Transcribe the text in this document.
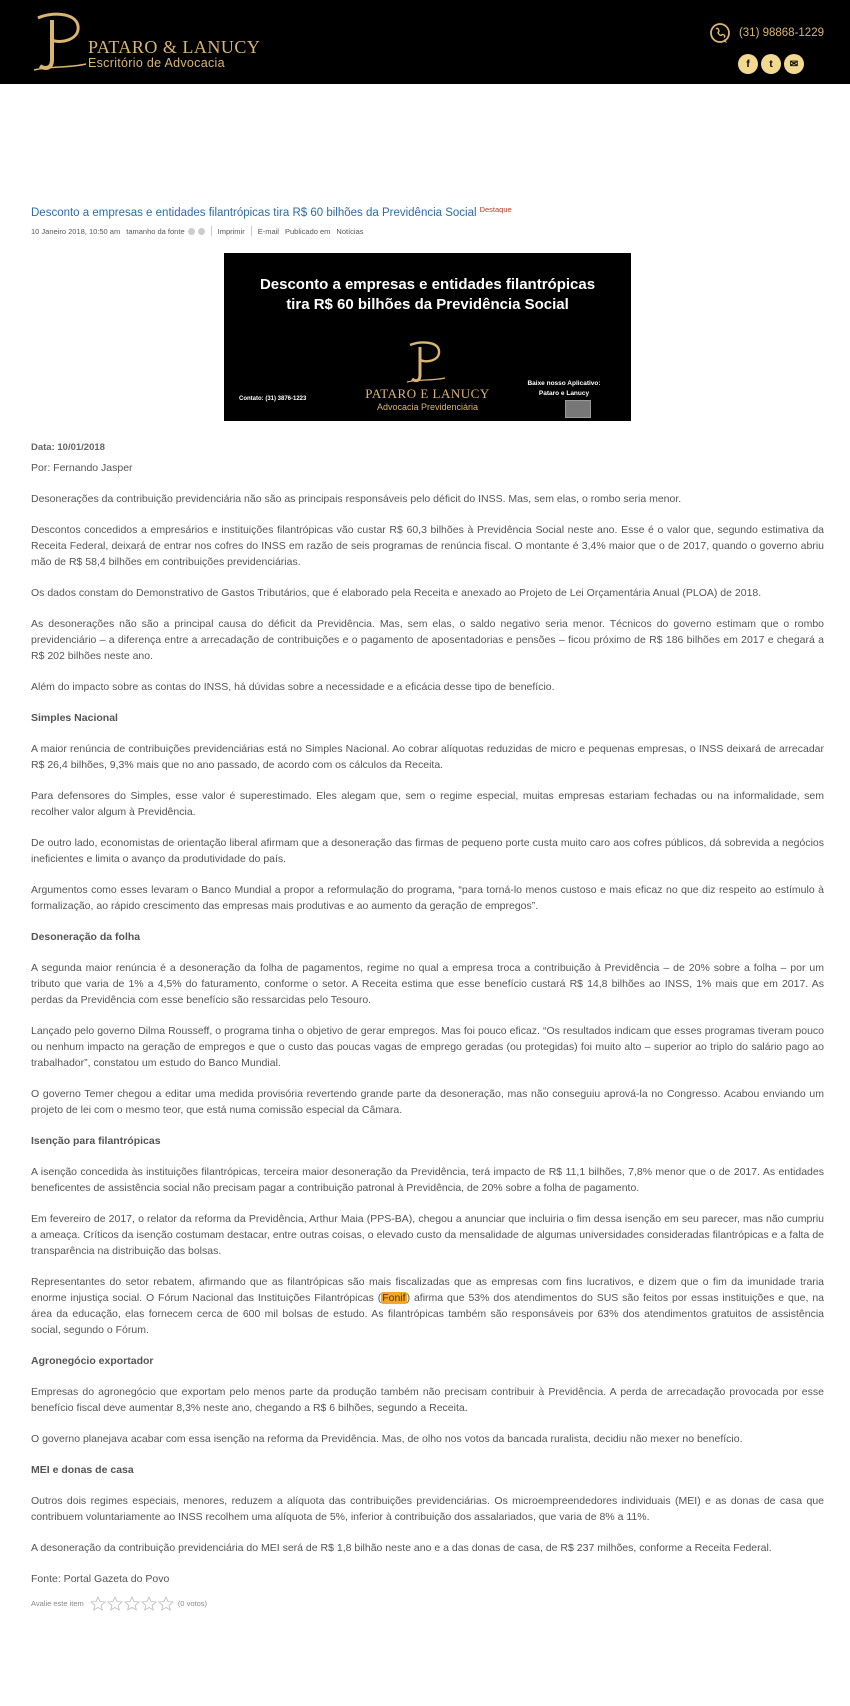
PATARO & LANUCY
Escritório de Advocacia
(31) 98868-1229
f	t	✉
Desconto a empresas e entidades filantrópicas tira R$ 60 bilhões da Previdência Social Destaque
10 Janeiro 2018, 10:50 am tamanho da fonte	Imprimir E-mail Publicado em Notícias
Desconto a empresas e entidades filantrópicas
tira R$ 60 bilhões da Previdência Social
PATARO E LANUCY
Advocacia Previdenciária
Contato: (31) 3876-1223
Baixe nosso Aplicativo:
Pataro e Lanucy
Data: 10/01/2018
Por: Fernando Jasper

Desonerações da contribuição previdenciária não são as principais responsáveis pelo déficit do INSS. Mas, sem elas, o rombo seria menor.

Descontos concedidos a empresários e instituições filantrópicas vão custar R$ 60,3 bilhões à Previdência Social neste ano. Esse é o valor que, segundo estimativa da Receita Federal, deixará de entrar nos cofres do INSS em razão de seis programas de renúncia fiscal. O montante é 3,4% maior que o de 2017, quando o governo abriu mão de R$ 58,4 bilhões em contribuições previdenciárias.

Os dados constam do Demonstrativo de Gastos Tributários, que é elaborado pela Receita e anexado ao Projeto de Lei Orçamentária Anual (PLOA) de 2018.

As desonerações não são a principal causa do déficit da Previdência. Mas, sem elas, o saldo negativo seria menor. Técnicos do governo estimam que o rombo previdenciário – a diferença entre a arrecadação de contribuições e o pagamento de aposentadorias e pensões – ficou próximo de R$ 186 bilhões em 2017 e chegará a R$ 202 bilhões neste ano.

Além do impacto sobre as contas do INSS, há dúvidas sobre a necessidade e a eficácia desse tipo de benefício.

Simples Nacional

A maior renúncia de contribuições previdenciárias está no Simples Nacional. Ao cobrar alíquotas reduzidas de micro e pequenas empresas, o INSS deixará de arrecadar R$ 26,4 bilhões, 9,3% mais que no ano passado, de acordo com os cálculos da Receita.

Para defensores do Simples, esse valor é superestimado. Eles alegam que, sem o regime especial, muitas empresas estariam fechadas ou na informalidade, sem recolher valor algum à Previdência.

De outro lado, economistas de orientação liberal afirmam que a desoneração das firmas de pequeno porte custa muito caro aos cofres públicos, dá sobrevida a negócios ineficientes e limita o avanço da produtividade do país.

Argumentos como esses levaram o Banco Mundial a propor a reformulação do programa, “para torná-lo menos custoso e mais eficaz no que diz respeito ao estímulo à formalização, ao rápido crescimento das empresas mais produtivas e ao aumento da geração de empregos”.

Desoneração da folha

A segunda maior renúncia é a desoneração da folha de pagamentos, regime no qual a empresa troca a contribuição à Previdência – de 20% sobre a folha – por um tributo que varia de 1% a 4,5% do faturamento, conforme o setor. A Receita estima que esse benefício custará R$ 14,8 bilhões ao INSS, 1% mais que em 2017. As perdas da Previdência com esse benefício são ressarcidas pelo Tesouro.

Lançado pelo governo Dilma Rousseff, o programa tinha o objetivo de gerar empregos. Mas foi pouco eficaz. “Os resultados indicam que esses programas tiveram pouco ou nenhum impacto na geração de empregos e que o custo das poucas vagas de emprego geradas (ou protegidas) foi muito alto – superior ao triplo do salário pago ao trabalhador”, constatou um estudo do Banco Mundial.

O governo Temer chegou a editar uma medida provisória revertendo grande parte da desoneração, mas não conseguiu aprová-la no Congresso. Acabou enviando um projeto de lei com o mesmo teor, que está numa comissão especial da Câmara.

Isenção para filantrópicas

A isenção concedida às instituições filantrópicas, terceira maior desoneração da Previdência, terá impacto de R$ 11,1 bilhões, 7,8% menor que o de 2017. As entidades beneficentes de assistência social não precisam pagar a contribuição patronal à Previdência, de 20% sobre a folha de pagamento.

Em fevereiro de 2017, o relator da reforma da Previdência, Arthur Maia (PPS-BA), chegou a anunciar que incluiria o fim dessa isenção em seu parecer, mas não cumpriu a ameaça. Críticos da isenção costumam destacar, entre outras coisas, o elevado custo da mensalidade de algumas universidades consideradas filantrópicas e a falta de transparência na distribuição das bolsas.

Representantes do setor rebatem, afirmando que as filantrópicas são mais fiscalizadas que as empresas com fins lucrativos, e dizem que o fim da imunidade traria enorme injustiça social. O Fórum Nacional das Instituições Filantrópicas (Fonif) afirma que 53% dos atendimentos do SUS são feitos por essas instituições e que, na área da educação, elas fornecem cerca de 600 mil bolsas de estudo. As filantrópicas também são responsáveis por 63% dos atendimentos gratuitos de assistência social, segundo o Fórum.

Agronegócio exportador

Empresas do agronegócio que exportam pelo menos parte da produção também não precisam contribuir à Previdência. A perda de arrecadação provocada por esse benefício fiscal deve aumentar 8,3% neste ano, chegando a R$ 6 bilhões, segundo a Receita.

O governo planejava acabar com essa isenção na reforma da Previdência. Mas, de olho nos votos da bancada ruralista, decidiu não mexer no benefício.

MEI e donas de casa

Outros dois regimes especiais, menores, reduzem a alíquota das contribuições previdenciárias. Os microempreendedores individuais (MEI) e as donas de casa que contribuem voluntariamente ao INSS recolhem uma alíquota de 5%, inferior à contribuição dos assalariados, que varia de 8% a 11%.

A desoneração da contribuição previdenciária do MEI será de R$ 1,8 bilhão neste ano e a das donas de casa, de R$ 237 milhões, conforme a Receita Federal.

Fonte: Portal Gazeta do Povo

Avalie este item	(0 votos)
